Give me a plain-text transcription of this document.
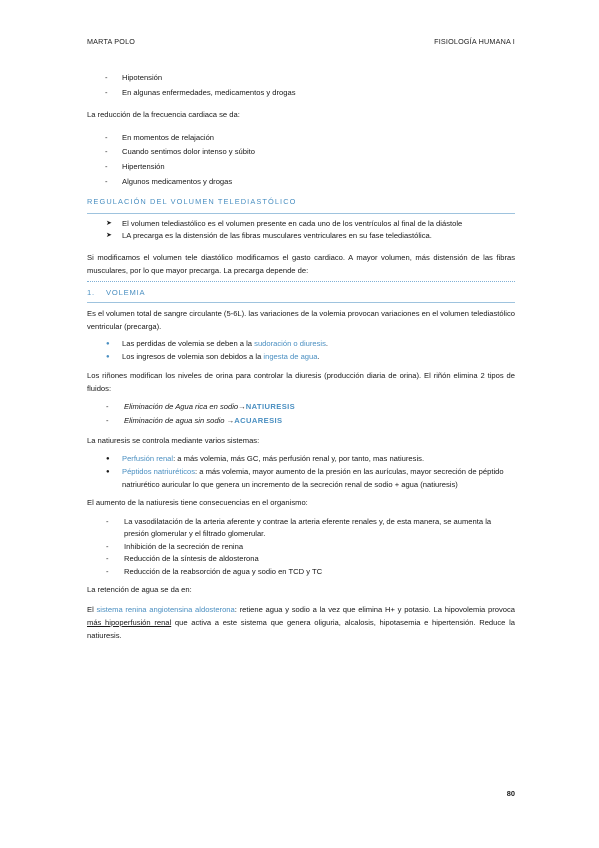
MARTA POLO	FISIOLOGÍA HUMANA I
- Hipotensión
- En algunas enfermedades, medicamentos y drogas

La reducción de la frecuencia cardiaca se da:

- En momentos de relajación
- Cuando sentimos dolor intenso y súbito
- Hipertensión
- Algunos medicamentos y drogas
REGULACIÓN DEL VOLUMEN TELEDIASTÓLICO
➤ El volumen telediastólico es el volumen presente en cada uno de los ventrículos al final de la diástole
➤ LA precarga es la distensión de las fibras musculares ventriculares en su fase telediastólica.

Si modificamos el volumen tele diastólico modificamos el gasto cardiaco. A mayor volumen, más distensión de las fibras musculares, por lo que mayor precarga. La precarga depende de:

1. VOLEMIA

Es el volumen total de sangre circulante (5-6L). las variaciones de la volemia provocan variaciones en el volumen telediastólico ventricular (precarga).

● Las perdidas de volemia se deben a la sudoración o diuresis.
● Los ingresos de volemia son debidos a la ingesta de agua.

Los riñones modifican los niveles de orina para controlar la diuresis (producción diaria de orina). El riñón elimina 2 tipos de fluidos:

- Eliminación de Agua rica en sodio→NATIURESIS
- Eliminación de agua sin sodio →ACUARESIS

La natiuresis se controla mediante varios sistemas:

● Perfusión renal: a más volemia, más GC, más perfusión renal y, por tanto, mas natiuresis.
● Péptidos natriuréticos: a más volemia, mayor aumento de la presión en las aurículas, mayor secreción de péptido natriurético auricular lo que genera un incremento de la secreción renal de sodio + agua (natiuresis)

El aumento de la natiuresis tiene consecuencias en el organismo:

- La vasodilatación de la arteria aferente y contrae la arteria eferente renales y, de esta manera, se aumenta la presión glomerular y el filtrado glomerular.
- Inhibición de la secreción de renina
- Reducción de la síntesis de aldosterona
- Reducción de la reabsorción de agua y sodio en TCD y TC

La retención de agua se da en:

El sistema renina angiotensina aldosterona: retiene agua y sodio a la vez que elimina H+ y potasio. La hipovolemia provoca más hipoperfusión renal que activa a este sistema que genera oliguria, alcalosis, hipotasemia e hipertensión. Reduce la natiuresis.

80
